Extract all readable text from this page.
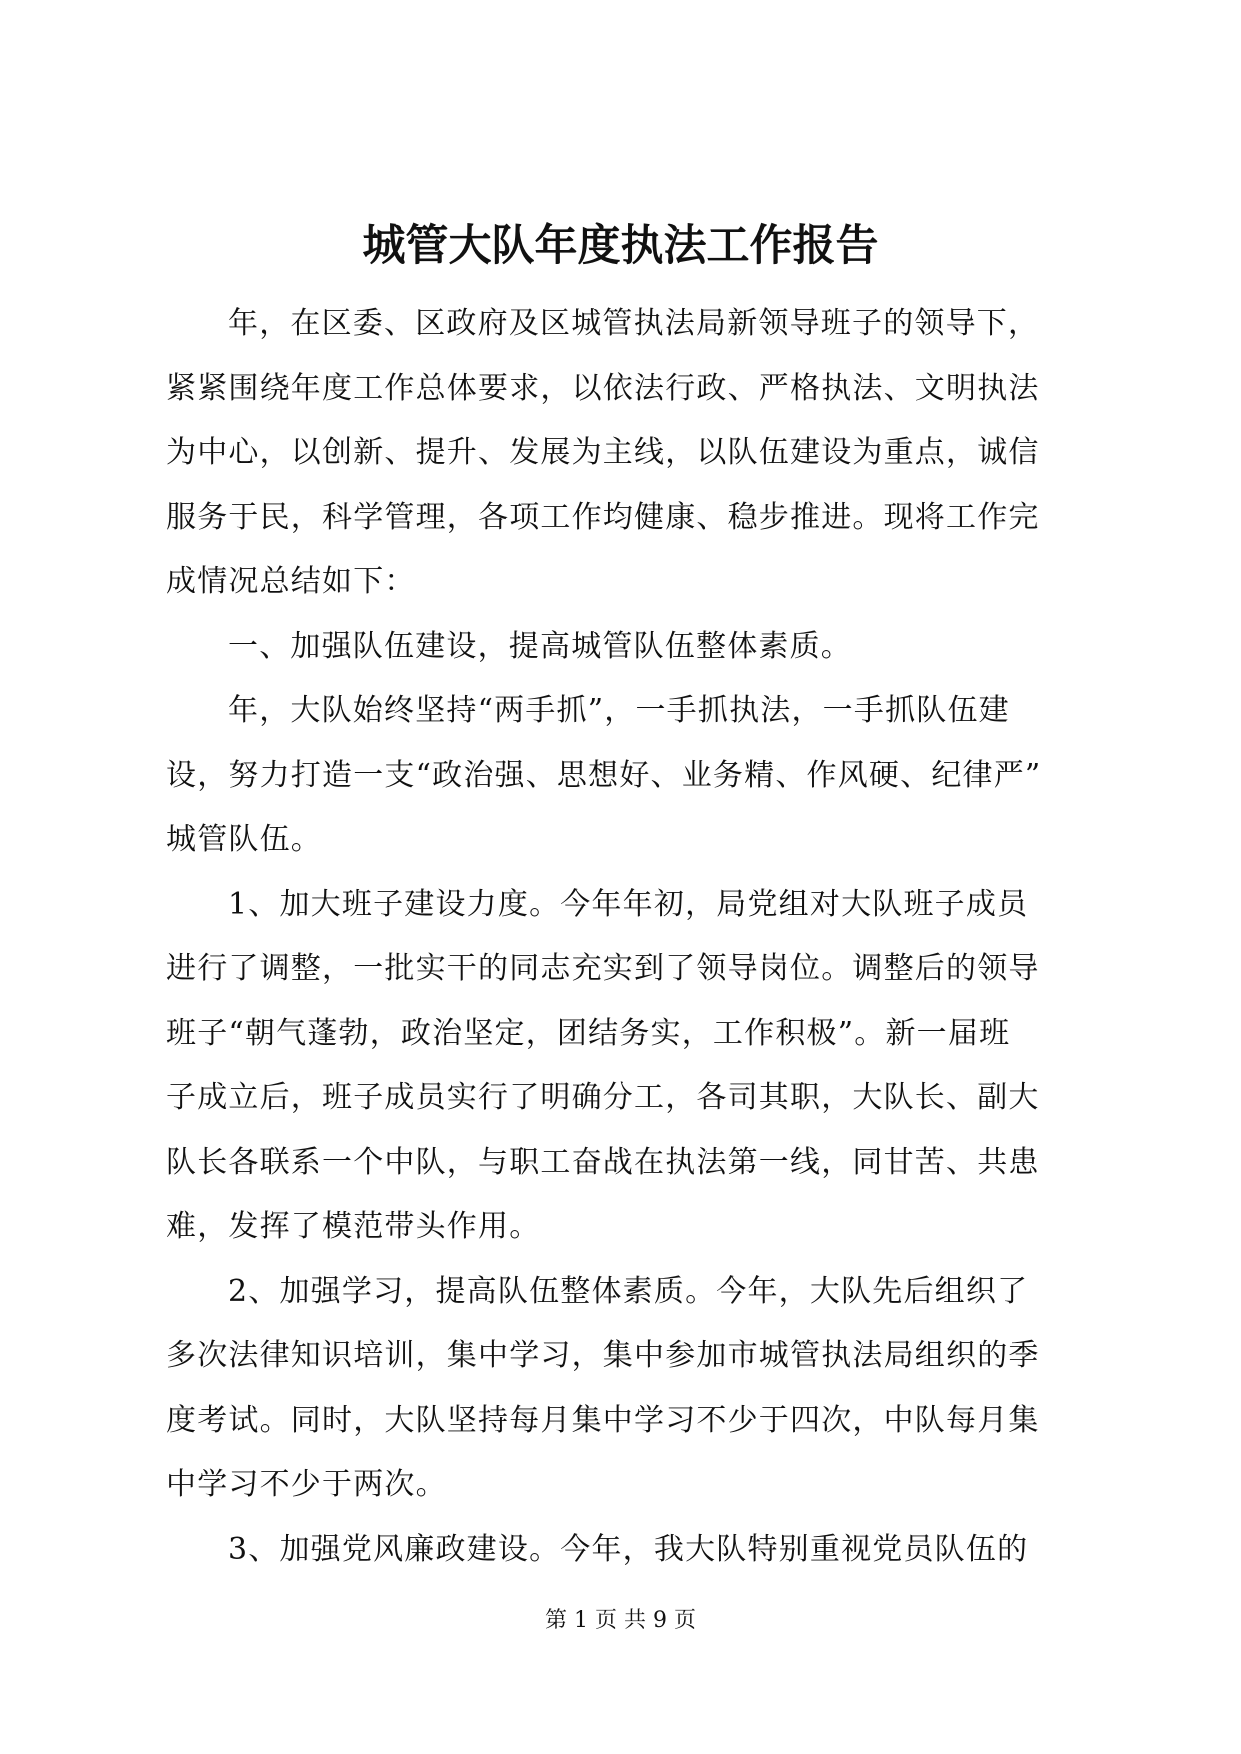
城管大队年度执法工作报告
年，在区委、区政府及区城管执法局新领导班子的领导下，
紧紧围绕年度工作总体要求，以依法行政、严格执法、文明执法
为中心，以创新、提升、发展为主线，以队伍建设为重点，诚信
服务于民，科学管理，各项工作均健康、稳步推进。现将工作完
成情况总结如下：
一、加强队伍建设，提高城管队伍整体素质。
年，大队始终坚持“两手抓”，一手抓执法，一手抓队伍建
设，努力打造一支“政治强、思想好、业务精、作风硬、纪律严”
城管队伍。
1、加大班子建设力度。今年年初，局党组对大队班子成员
进行了调整，一批实干的同志充实到了领导岗位。调整后的领导
班子“朝气蓬勃，政治坚定，团结务实，工作积极”。新一届班
子成立后，班子成员实行了明确分工，各司其职，大队长、副大
队长各联系一个中队，与职工奋战在执法第一线，同甘苦、共患
难，发挥了模范带头作用。
2、加强学习，提高队伍整体素质。今年，大队先后组织了
多次法律知识培训，集中学习，集中参加市城管执法局组织的季
度考试。同时，大队坚持每月集中学习不少于四次，中队每月集
中学习不少于两次。
3、加强党风廉政建设。今年，我大队特别重视党员队伍的
第 1 页 共 9 页
